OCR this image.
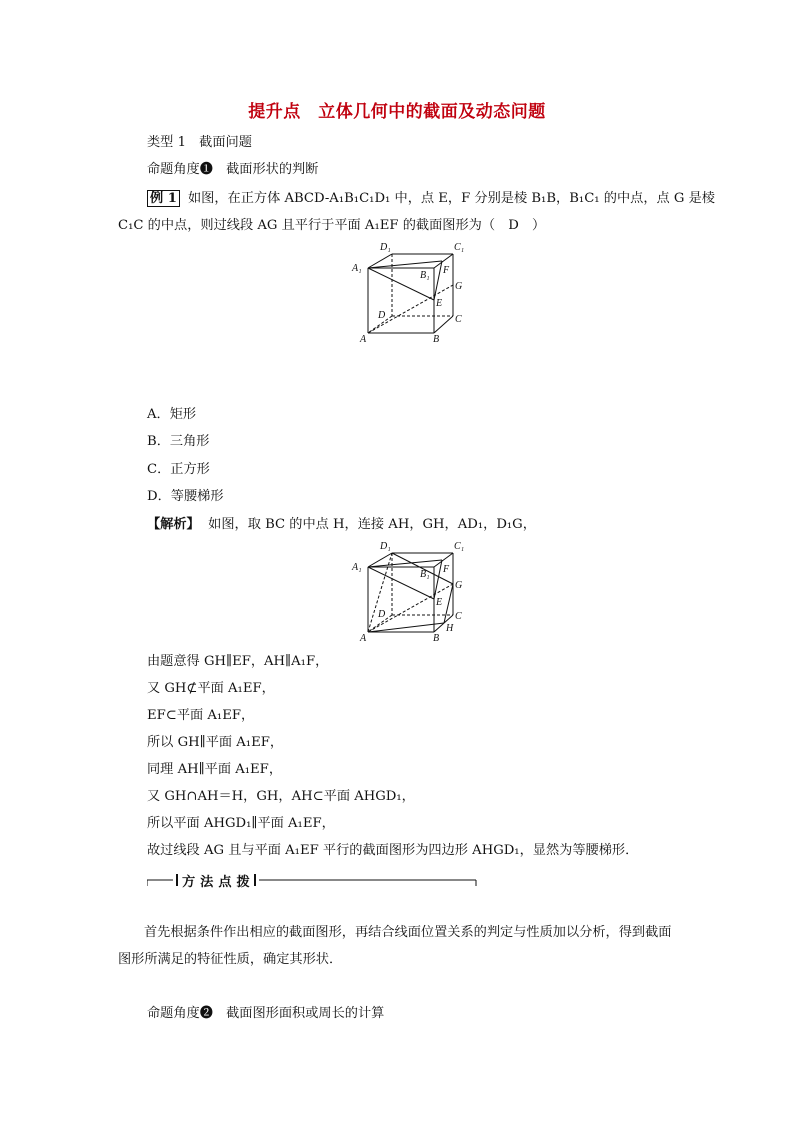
提升点　立体几何中的截面及动态问题
类型 1　截面问题
命题角度❶　截面形状的判断
例 1 如图，在正方体 ABCD-A₁B₁C₁D₁ 中，点 E，F 分别是棱 B₁B，B₁C₁ 的中点，点 G 是棱
C₁C 的中点，则过线段 AG 且平行于平面 A₁EF 的截面图形为（　D　）
D₁	C₁
A₁
B₁ F
G
E
D	C
A	B
A．矩形
B．三角形
C．正方形
D．等腰梯形
【解析】 如图，取 BC 的中点 H，连接 AH，GH，AD₁，D₁G，
D₁	C₁
A₁
B₁ F
G
E
D	C
H
A	B
由题意得 GH∥EF，AH∥A₁F，
又 GH⊄平面 A₁EF，
EF⊂平面 A₁EF，
所以 GH∥平面 A₁EF，
同理 AH∥平面 A₁EF，
又 GH∩AH＝H，GH，AH⊂平面 AHGD₁，
所以平面 AHGD₁∥平面 A₁EF，
故过线段 AG 且与平面 A₁EF 平行的截面图形为四边形 AHGD₁，显然为等腰梯形．
方法点拨
首先根据条件作出相应的截面图形，再结合线面位置关系的判定与性质加以分析，得到截面图形所满足的特征性质，确定其形状．
命题角度❷　截面图形面积或周长的计算
